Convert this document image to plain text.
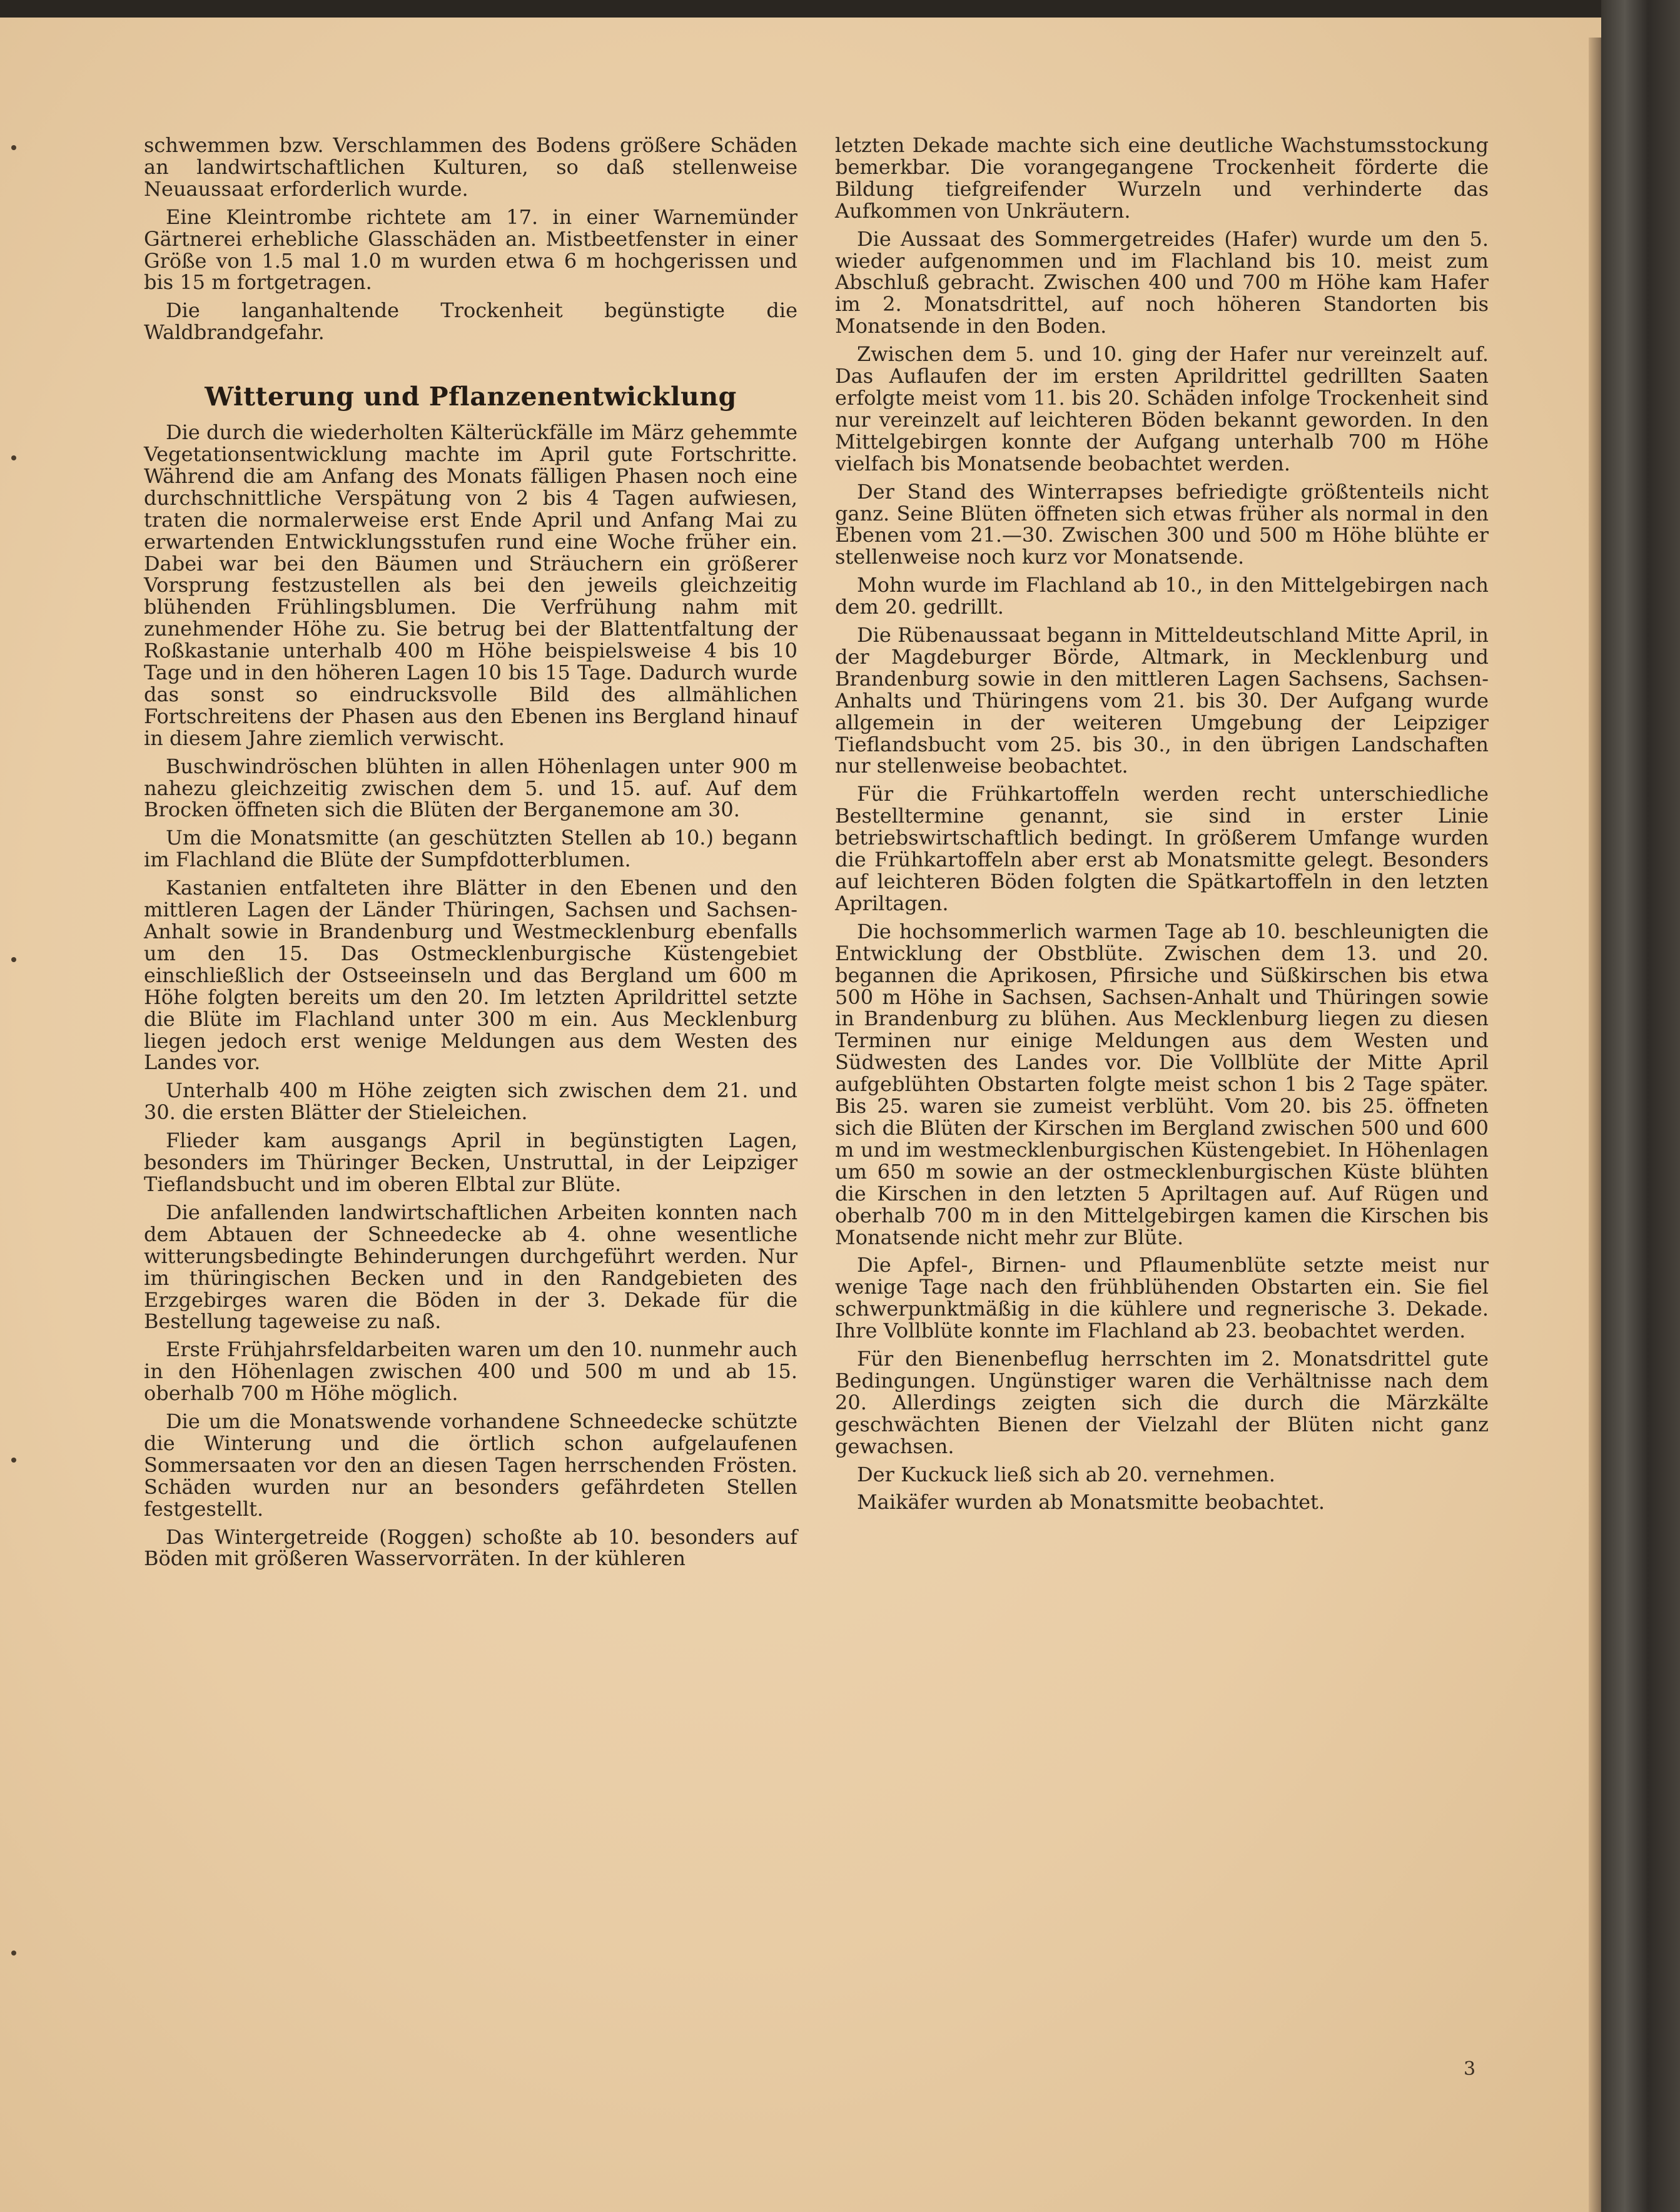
schwemmen bzw. Verschlammen des Bodens größere Schäden an landwirtschaftlichen Kulturen, so daß stellenweise Neuaussaat erforderlich wurde.

Eine Kleintrombe richtete am 17. in einer Warnemünder Gärtnerei erhebliche Glasschäden an. Mistbeetfenster in einer Größe von 1.5 mal 1.0 m wurden etwa 6 m hochgerissen und bis 15 m fortgetragen.

Die langanhaltende Trockenheit begünstigte die Waldbrandgefahr.

Witterung und Pflanzenentwicklung

Die durch die wiederholten Kälterückfälle im März gehemmte Vegetationsentwicklung machte im April gute Fortschritte. Während die am Anfang des Monats fälligen Phasen noch eine durchschnittliche Verspätung von 2 bis 4 Tagen aufwiesen, traten die normalerweise erst Ende April und Anfang Mai zu erwartenden Entwicklungsstufen rund eine Woche früher ein. Dabei war bei den Bäumen und Sträuchern ein größerer Vorsprung festzustellen als bei den jeweils gleichzeitig blühenden Frühlingsblumen. Die Verfrühung nahm mit zunehmender Höhe zu. Sie betrug bei der Blattentfaltung der Roßkastanie unterhalb 400 m Höhe beispielsweise 4 bis 10 Tage und in den höheren Lagen 10 bis 15 Tage. Dadurch wurde das sonst so eindrucksvolle Bild des allmählichen Fortschreitens der Phasen aus den Ebenen ins Bergland hinauf in diesem Jahre ziemlich verwischt.

Buschwindröschen blühten in allen Höhenlagen unter 900 m nahezu gleichzeitig zwischen dem 5. und 15. auf. Auf dem Brocken öffneten sich die Blüten der Berganemone am 30.

Um die Monatsmitte (an geschützten Stellen ab 10.) begann im Flachland die Blüte der Sumpfdotterblumen.

Kastanien entfalteten ihre Blätter in den Ebenen und den mittleren Lagen der Länder Thüringen, Sachsen und Sachsen-Anhalt sowie in Brandenburg und Westmecklenburg ebenfalls um den 15. Das Ostmecklenburgische Küstengebiet einschließlich der Ostseeinseln und das Bergland um 600 m Höhe folgten bereits um den 20. Im letzten Aprildrittel setzte die Blüte im Flachland unter 300 m ein. Aus Mecklenburg liegen jedoch erst wenige Meldungen aus dem Westen des Landes vor.

Unterhalb 400 m Höhe zeigten sich zwischen dem 21. und 30. die ersten Blätter der Stieleichen.

Flieder kam ausgangs April in begünstigten Lagen, besonders im Thüringer Becken, Unstruttal, in der Leipziger Tieflandsbucht und im oberen Elbtal zur Blüte.

Die anfallenden landwirtschaftlichen Arbeiten konnten nach dem Abtauen der Schneedecke ab 4. ohne wesentliche witterungsbedingte Behinderungen durchgeführt werden. Nur im thüringischen Becken und in den Randgebieten des Erzgebirges waren die Böden in der 3. Dekade für die Bestellung tageweise zu naß.

Erste Frühjahrsfeldarbeiten waren um den 10. nunmehr auch in den Höhenlagen zwischen 400 und 500 m und ab 15. oberhalb 700 m Höhe möglich.

Die um die Monatswende vorhandene Schneedecke schützte die Winterung und die örtlich schon aufgelaufenen Sommersaaten vor den an diesen Tagen herrschenden Frösten. Schäden wurden nur an besonders gefährdeten Stellen festgestellt.

Das Wintergetreide (Roggen) schoßte ab 10. besonders auf Böden mit größeren Wasservorräten. In der kühleren

letzten Dekade machte sich eine deutliche Wachstumsstockung bemerkbar. Die vorangegangene Trockenheit förderte die Bildung tiefgreifender Wurzeln und verhinderte das Aufkommen von Unkräutern.

Die Aussaat des Sommergetreides (Hafer) wurde um den 5. wieder aufgenommen und im Flachland bis 10. meist zum Abschluß gebracht. Zwischen 400 und 700 m Höhe kam Hafer im 2. Monatsdrittel, auf noch höheren Standorten bis Monatsende in den Boden.

Zwischen dem 5. und 10. ging der Hafer nur vereinzelt auf. Das Auflaufen der im ersten Aprildrittel gedrillten Saaten erfolgte meist vom 11. bis 20. Schäden infolge Trockenheit sind nur vereinzelt auf leichteren Böden bekannt geworden. In den Mittelgebirgen konnte der Aufgang unterhalb 700 m Höhe vielfach bis Monatsende beobachtet werden.

Der Stand des Winterrapses befriedigte größtenteils nicht ganz. Seine Blüten öffneten sich etwas früher als normal in den Ebenen vom 21.—30. Zwischen 300 und 500 m Höhe blühte er stellenweise noch kurz vor Monatsende.

Mohn wurde im Flachland ab 10., in den Mittelgebirgen nach dem 20. gedrillt.

Die Rübenaussaat begann in Mitteldeutschland Mitte April, in der Magdeburger Börde, Altmark, in Mecklenburg und Brandenburg sowie in den mittleren Lagen Sachsens, Sachsen-Anhalts und Thüringens vom 21. bis 30. Der Aufgang wurde allgemein in der weiteren Umgebung der Leipziger Tieflandsbucht vom 25. bis 30., in den übrigen Landschaften nur stellenweise beobachtet.

Für die Frühkartoffeln werden recht unterschiedliche Bestelltermine genannt, sie sind in erster Linie betriebswirtschaftlich bedingt. In größerem Umfange wurden die Frühkartoffeln aber erst ab Monatsmitte gelegt. Besonders auf leichteren Böden folgten die Spätkartoffeln in den letzten Apriltagen.

Die hochsommerlich warmen Tage ab 10. beschleunigten die Entwicklung der Obstblüte. Zwischen dem 13. und 20. begannen die Aprikosen, Pfirsiche und Süßkirschen bis etwa 500 m Höhe in Sachsen, Sachsen-Anhalt und Thüringen sowie in Brandenburg zu blühen. Aus Mecklenburg liegen zu diesen Terminen nur einige Meldungen aus dem Westen und Südwesten des Landes vor. Die Vollblüte der Mitte April aufgeblühten Obstarten folgte meist schon 1 bis 2 Tage später. Bis 25. waren sie zumeist verblüht. Vom 20. bis 25. öffneten sich die Blüten der Kirschen im Bergland zwischen 500 und 600 m und im westmecklenburgischen Küstengebiet. In Höhenlagen um 650 m sowie an der ostmecklenburgischen Küste blühten die Kirschen in den letzten 5 Apriltagen auf. Auf Rügen und oberhalb 700 m in den Mittelgebirgen kamen die Kirschen bis Monatsende nicht mehr zur Blüte.

Die Apfel-, Birnen- und Pflaumenblüte setzte meist nur wenige Tage nach den frühblühenden Obstarten ein. Sie fiel schwerpunktmäßig in die kühlere und regnerische 3. Dekade. Ihre Vollblüte konnte im Flachland ab 23. beobachtet werden.

Für den Bienenbeflug herrschten im 2. Monatsdrittel gute Bedingungen. Ungünstiger waren die Verhältnisse nach dem 20. Allerdings zeigten sich die durch die Märzkälte geschwächten Bienen der Vielzahl der Blüten nicht ganz gewachsen.

Der Kuckuck ließ sich ab 20. vernehmen.

Maikäfer wurden ab Monatsmitte beobachtet.

3
